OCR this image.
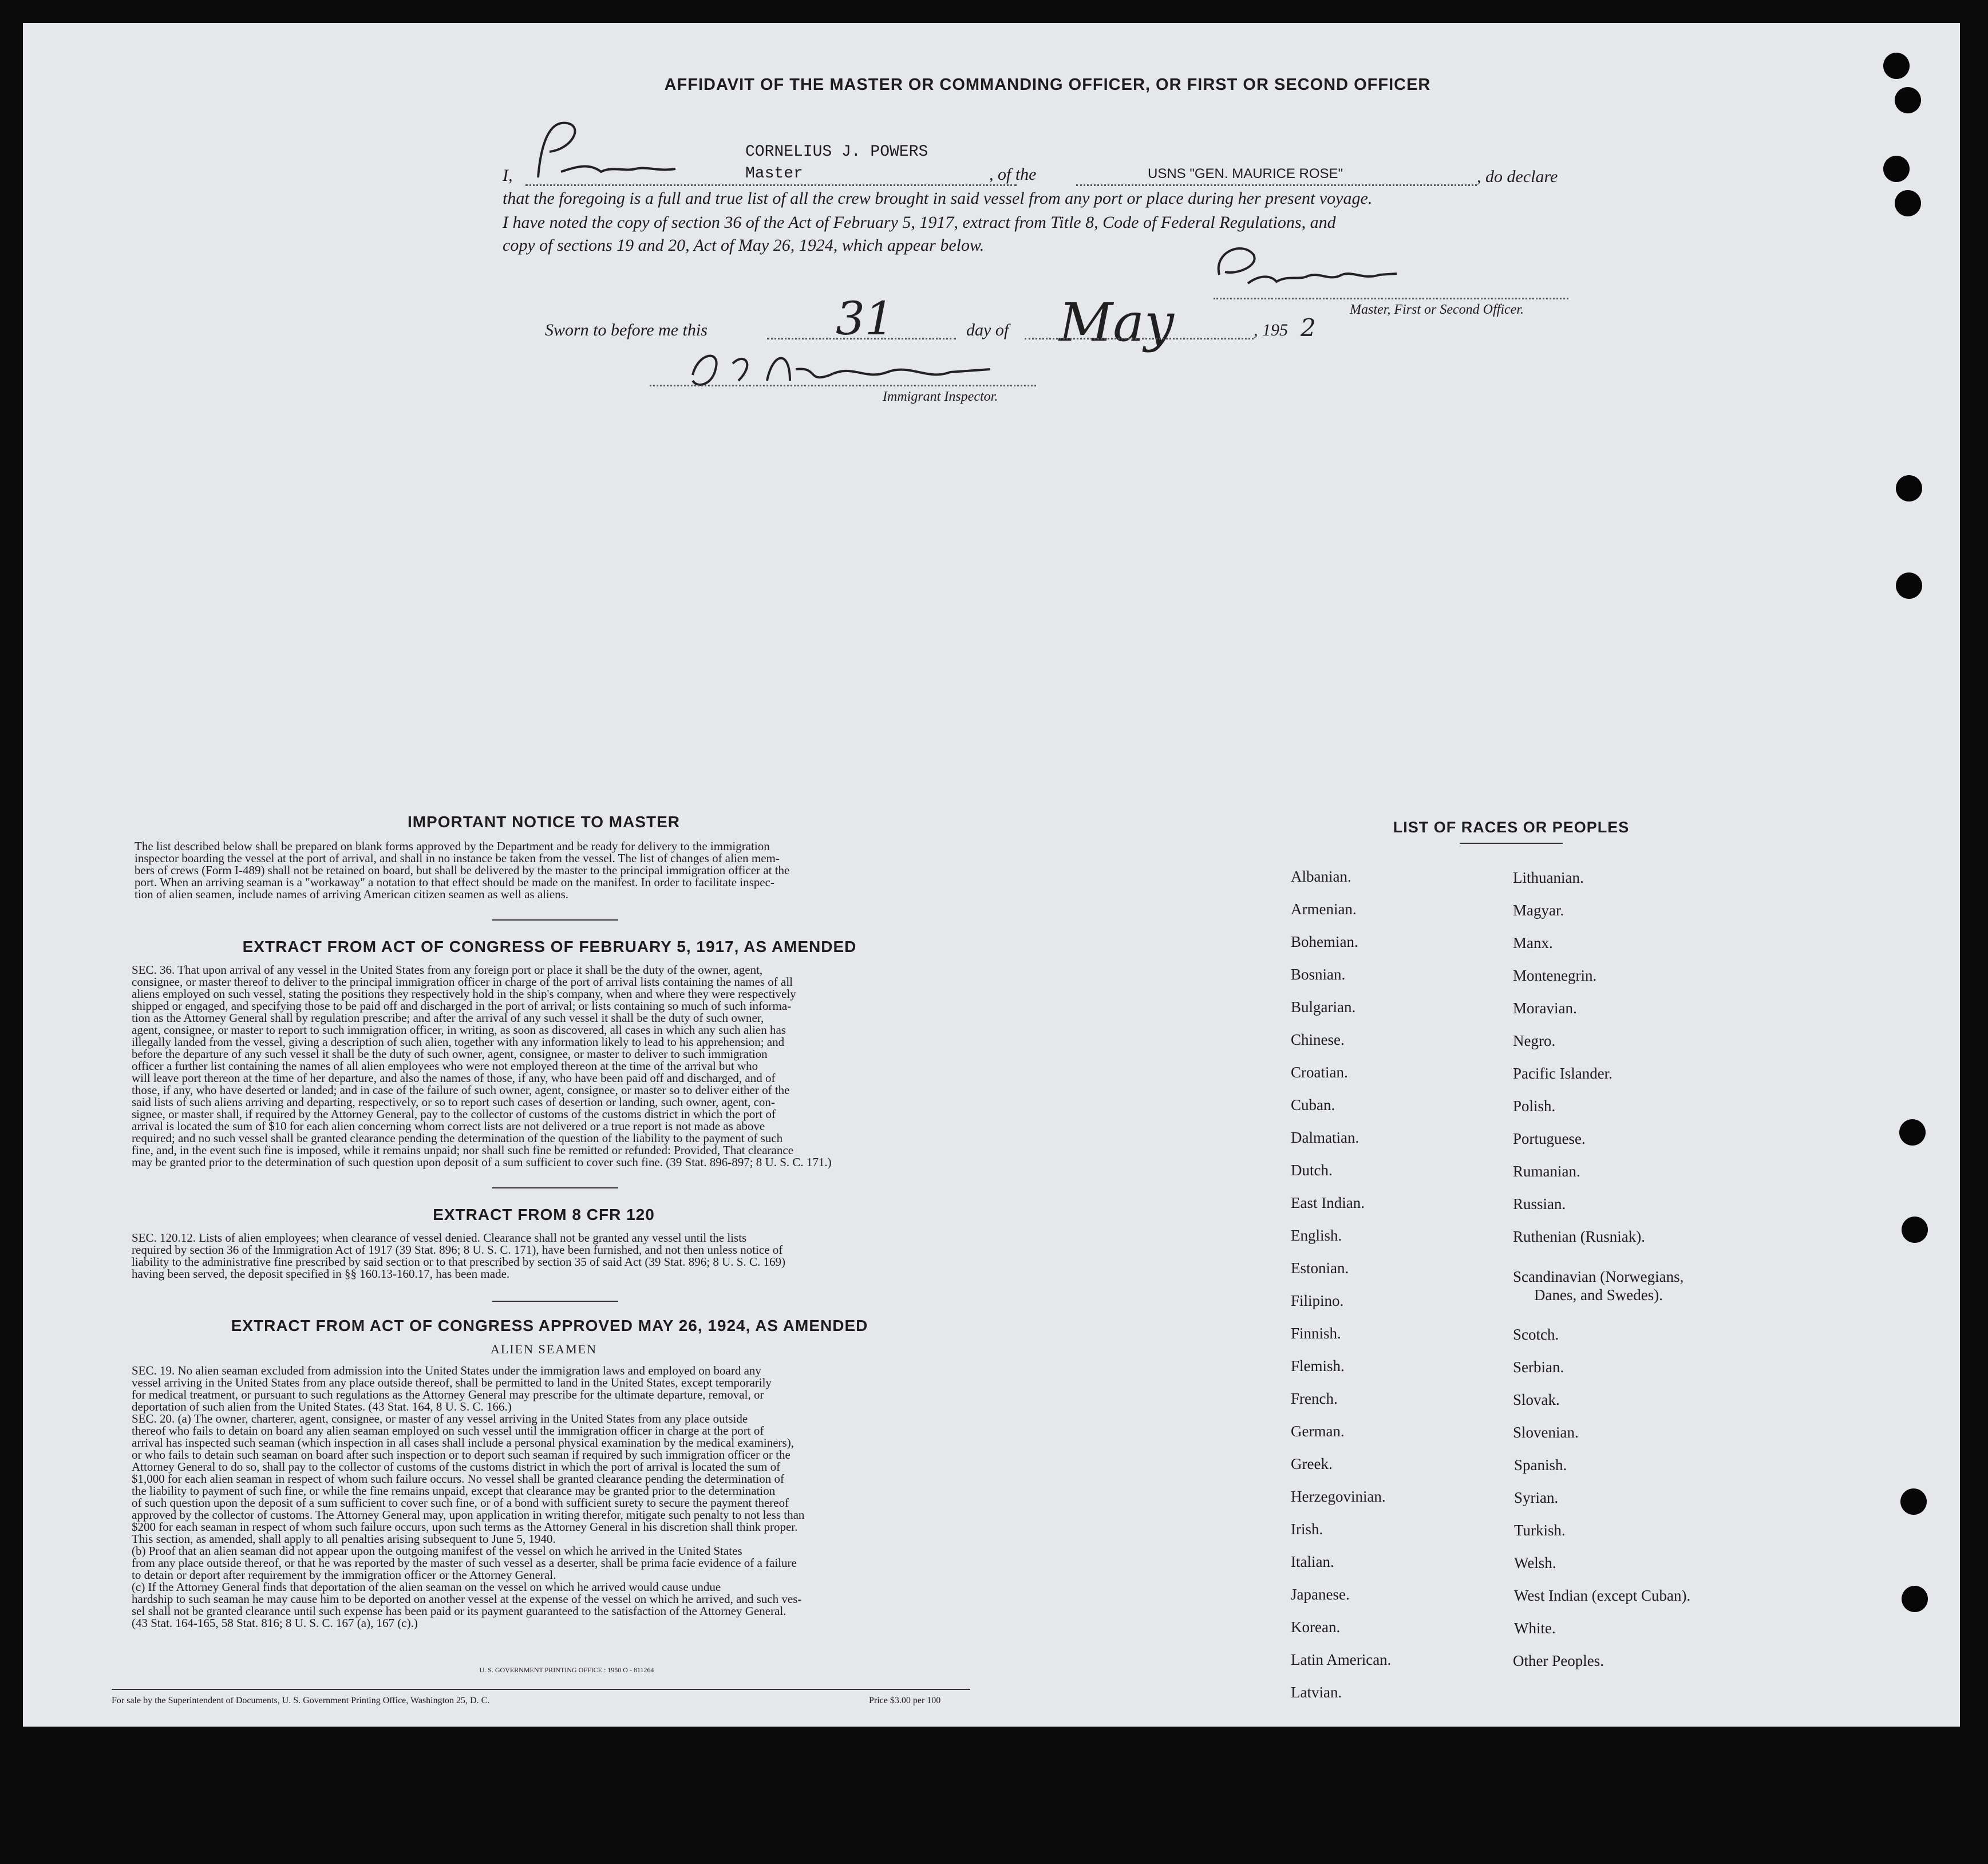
AFFIDAVIT OF THE MASTER OR COMMANDING OFFICER, OR FIRST OR SECOND OFFICER
I,
CORNELIUS J. POWERS
Master	, of the	USNS "GEN. MAURICE ROSE"	, do declare
that the foregoing is a full and true list of all the crew brought in said vessel from any port or place during her present voyage.
I have noted the copy of section 36 of the Act of February 5, 1917, extract from Title 8, Code of Federal Regulations, and
copy of sections 19 and 20, Act of May 26, 1924, which appear below.
Master, First or Second Officer.
Sworn to before me this	31	day of May	, 195 2
Immigrant Inspector.
IMPORTANT NOTICE TO MASTER
The list described below shall be prepared on blank forms approved by the Department and be ready for delivery to the immigration
inspector boarding the vessel at the port of arrival, and shall in no instance be taken from the vessel. The list of changes of alien mem-
bers of crews (Form I-489) shall not be retained on board, but shall be delivered by the master to the principal immigration officer at the
port. When an arriving seaman is a "workaway" a notation to that effect should be made on the manifest. In order to facilitate inspec-
tion of alien seamen, include names of arriving American citizen seamen as well as aliens.
EXTRACT FROM ACT OF CONGRESS OF FEBRUARY 5, 1917, AS AMENDED
SEC. 36. That upon arrival of any vessel in the United States from any foreign port or place it shall be the duty of the owner, agent,
consignee, or master thereof to deliver to the principal immigration officer in charge of the port of arrival lists containing the names of all
aliens employed on such vessel, stating the positions they respectively hold in the ship's company, when and where they were respectively
shipped or engaged, and specifying those to be paid off and discharged in the port of arrival; or lists containing so much of such informa-
tion as the Attorney General shall by regulation prescribe; and after the arrival of any such vessel it shall be the duty of such owner,
agent, consignee, or master to report to such immigration officer, in writing, as soon as discovered, all cases in which any such alien has
illegally landed from the vessel, giving a description of such alien, together with any information likely to lead to his apprehension; and
before the departure of any such vessel it shall be the duty of such owner, agent, consignee, or master to deliver to such immigration
officer a further list containing the names of all alien employees who were not employed thereon at the time of the arrival but who
will leave port thereon at the time of her departure, and also the names of those, if any, who have been paid off and discharged, and of
those, if any, who have deserted or landed; and in case of the failure of such owner, agent, consignee, or master so to deliver either of the
said lists of such aliens arriving and departing, respectively, or so to report such cases of desertion or landing, such owner, agent, con-
signee, or master shall, if required by the Attorney General, pay to the collector of customs of the customs district in which the port of
arrival is located the sum of $10 for each alien concerning whom correct lists are not delivered or a true report is not made as above
required; and no such vessel shall be granted clearance pending the determination of the question of the liability to the payment of such
fine, and, in the event such fine is imposed, while it remains unpaid; nor shall such fine be remitted or refunded: Provided, That clearance
may be granted prior to the determination of such question upon deposit of a sum sufficient to cover such fine. (39 Stat. 896-897; 8 U. S. C. 171.)
EXTRACT FROM 8 CFR 120
SEC. 120.12. Lists of alien employees; when clearance of vessel denied. Clearance shall not be granted any vessel until the lists
required by section 36 of the Immigration Act of 1917 (39 Stat. 896; 8 U. S. C. 171), have been furnished, and not then unless notice of
liability to the administrative fine prescribed by said section or to that prescribed by section 35 of said Act (39 Stat. 896; 8 U. S. C. 169)
having been served, the deposit specified in §§ 160.13-160.17, has been made.
EXTRACT FROM ACT OF CONGRESS APPROVED MAY 26, 1924, AS AMENDED
ALIEN SEAMEN
SEC. 19. No alien seaman excluded from admission into the United States under the immigration laws and employed on board any
vessel arriving in the United States from any place outside thereof, shall be permitted to land in the United States, except temporarily
for medical treatment, or pursuant to such regulations as the Attorney General may prescribe for the ultimate departure, removal, or
deportation of such alien from the United States. (43 Stat. 164, 8 U. S. C. 166.)
SEC. 20. (a) The owner, charterer, agent, consignee, or master of any vessel arriving in the United States from any place outside
thereof who fails to detain on board any alien seaman employed on such vessel until the immigration officer in charge at the port of
arrival has inspected such seaman (which inspection in all cases shall include a personal physical examination by the medical examiners),
or who fails to detain such seaman on board after such inspection or to deport such seaman if required by such immigration officer or the
Attorney General to do so, shall pay to the collector of customs of the customs district in which the port of arrival is located the sum of
$1,000 for each alien seaman in respect of whom such failure occurs. No vessel shall be granted clearance pending the determination of
the liability to payment of such fine, or while the fine remains unpaid, except that clearance may be granted prior to the determination
of such question upon the deposit of a sum sufficient to cover such fine, or of a bond with sufficient surety to secure the payment thereof
approved by the collector of customs. The Attorney General may, upon application in writing therefor, mitigate such penalty to not less than
$200 for each seaman in respect of whom such failure occurs, upon such terms as the Attorney General in his discretion shall think proper.
This section, as amended, shall apply to all penalties arising subsequent to June 5, 1940.
(b) Proof that an alien seaman did not appear upon the outgoing manifest of the vessel on which he arrived in the United States
from any place outside thereof, or that he was reported by the master of such vessel as a deserter, shall be prima facie evidence of a failure
to detain or deport after requirement by the immigration officer or the Attorney General.
(c) If the Attorney General finds that deportation of the alien seaman on the vessel on which he arrived would cause undue
hardship to such seaman he may cause him to be deported on another vessel at the expense of the vessel on which he arrived, and such ves-
sel shall not be granted clearance until such expense has been paid or its payment guaranteed to the satisfaction of the Attorney General.
(43 Stat. 164-165, 58 Stat. 816; 8 U. S. C. 167 (a), 167 (c).)
U. S. GOVERNMENT PRINTING OFFICE : 1950 O - 811264
For sale by the Superintendent of Documents, U. S. Government Printing Office, Washington 25, D. C.	Price $3.00 per 100
LIST OF RACES OR PEOPLES
Albanian.
Armenian.
Bohemian.
Bosnian.
Bulgarian.
Chinese.
Croatian.
Cuban.
Dalmatian.
Dutch.
East Indian.
English.
Estonian.
Filipino.
Finnish.
Flemish.
French.
German.
Greek.
Herzegovinian.
Irish.
Italian.
Japanese.
Korean.
Latin American.
Latvian.
Lithuanian.
Magyar.
Manx.
Montenegrin.
Moravian.
Negro.
Pacific Islander.
Polish.
Portuguese.
Rumanian.
Russian.
Ruthenian (Rusniak).
Scandinavian (Norwegians,
Danes, and Swedes).
Scotch.
Serbian.
Slovak.
Slovenian.
Spanish.
Syrian.
Turkish.
Welsh.
West Indian (except Cuban).
White.
Other Peoples.
